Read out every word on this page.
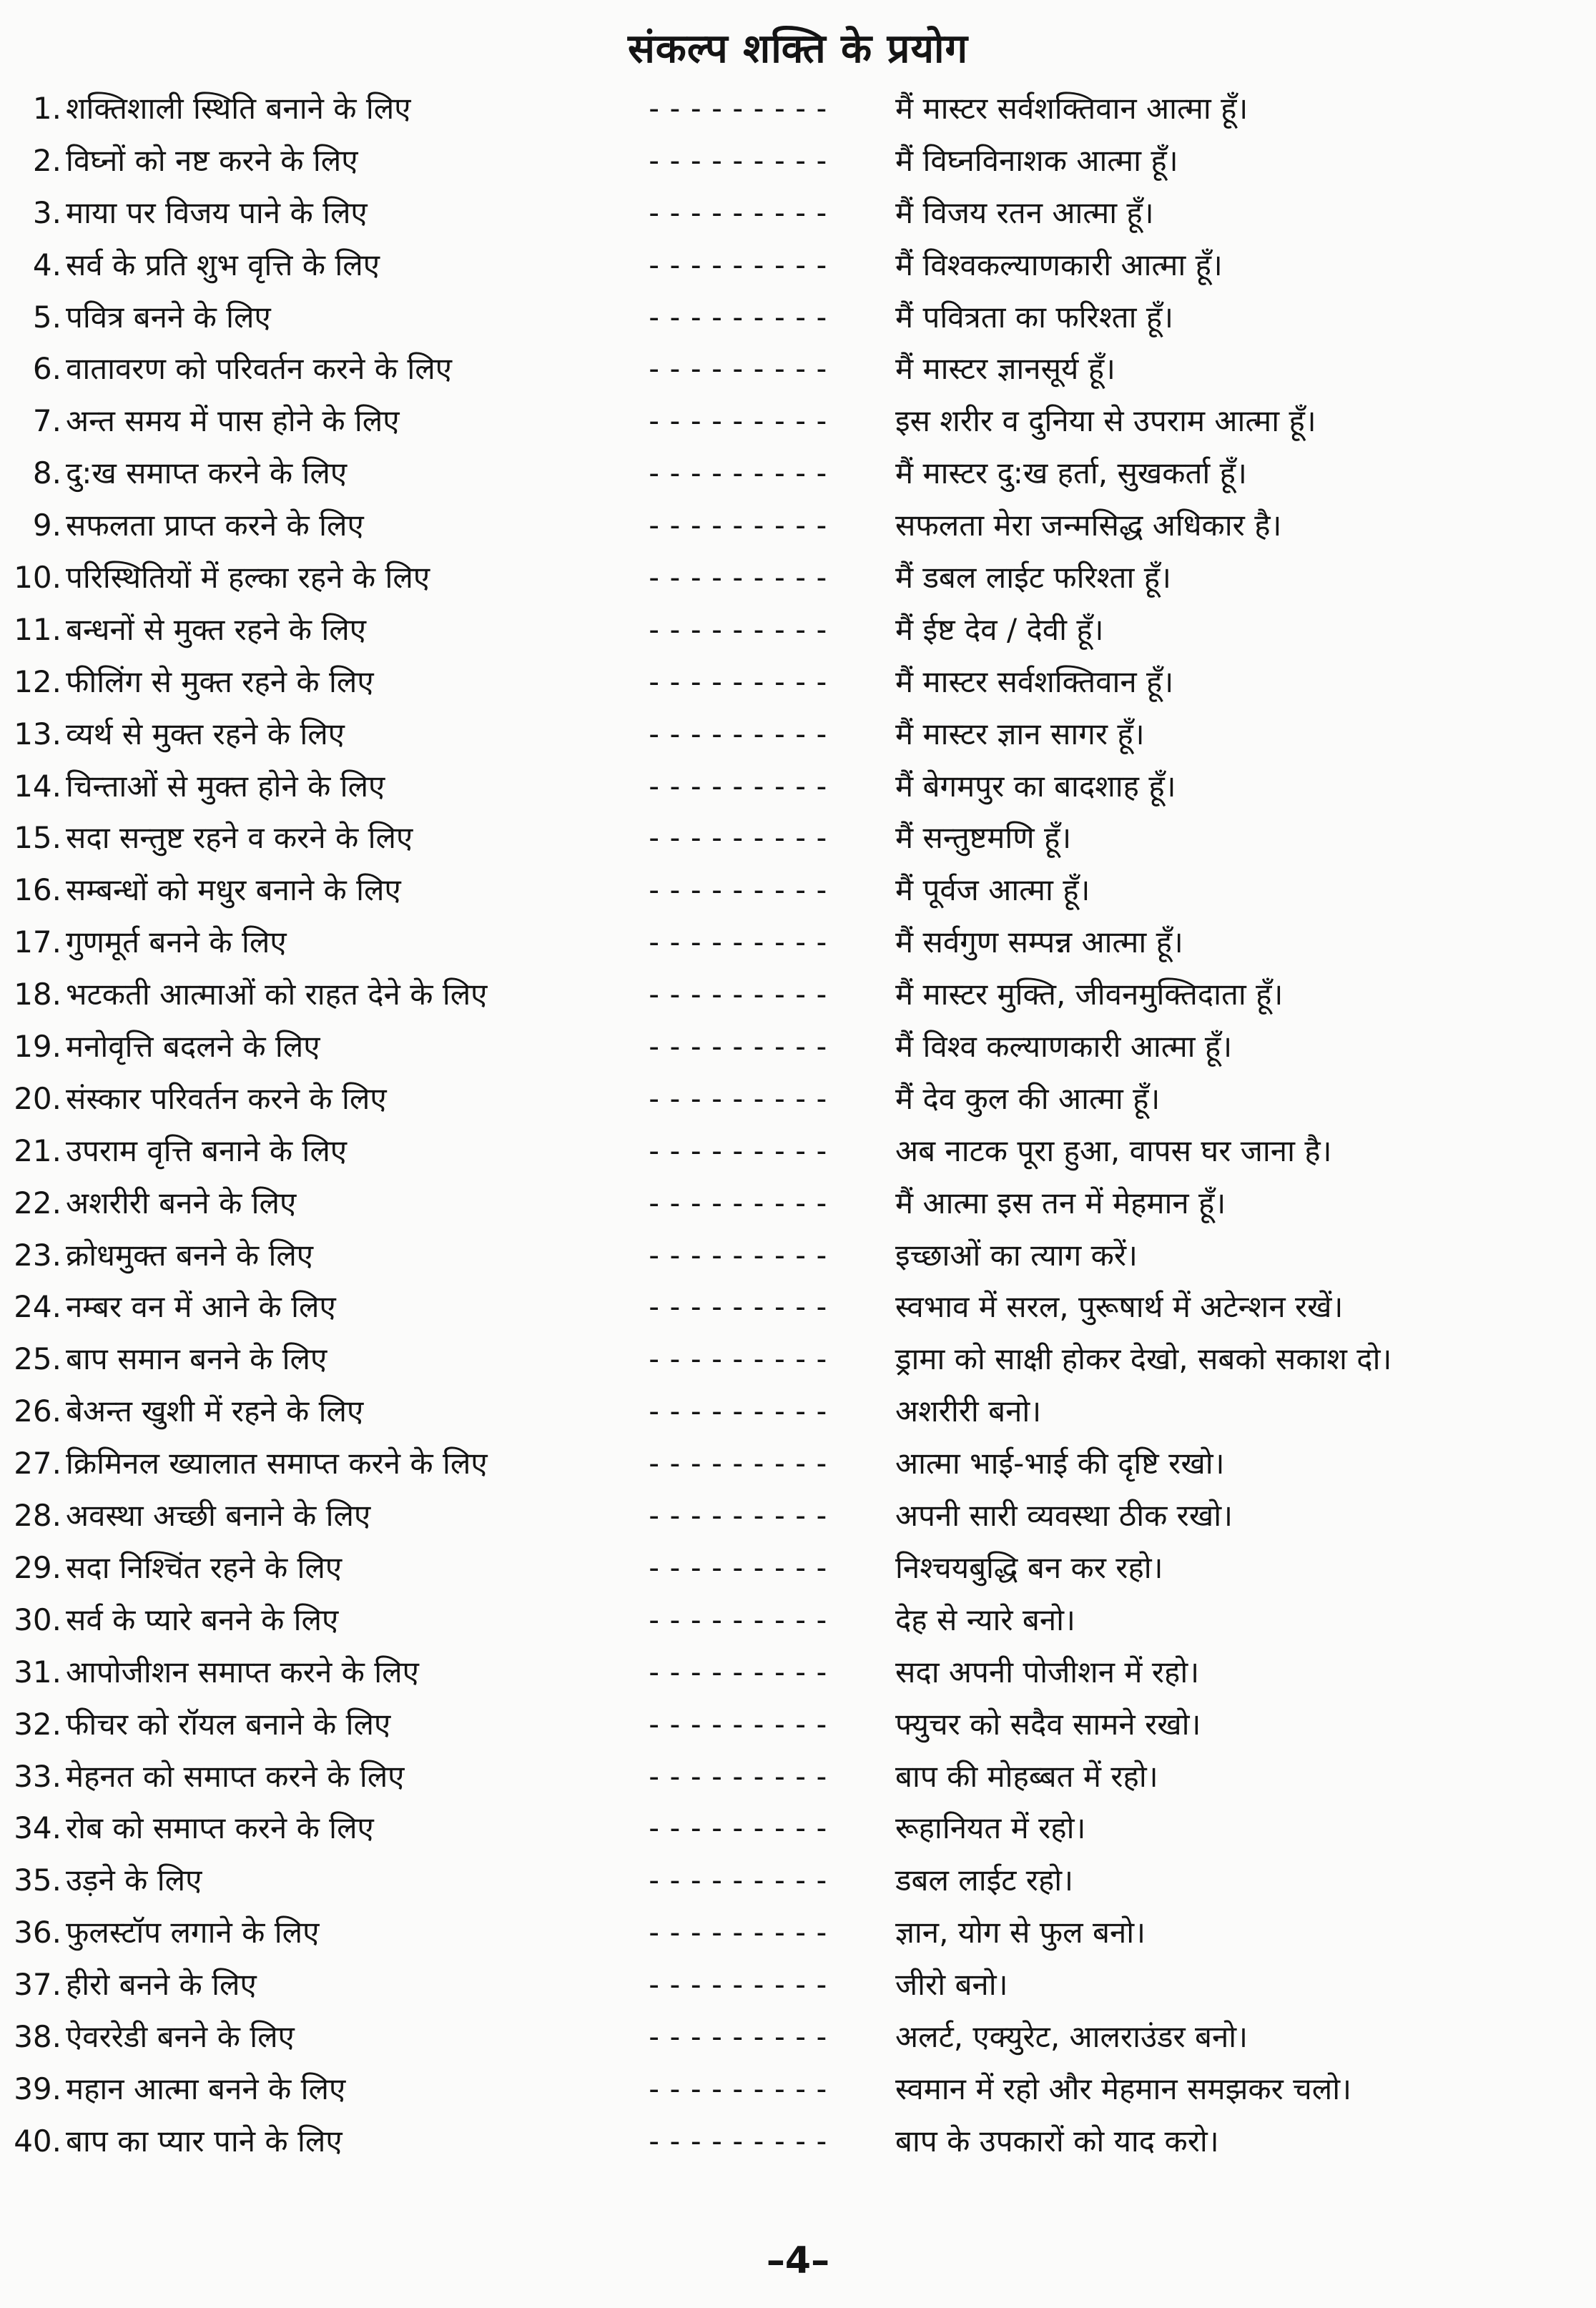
संकल्प शक्ति के प्रयोग
1. शक्तिशाली स्थिति बनाने के लिए	--------- मैं मास्टर सर्वशक्तिवान आत्मा हूँ।
2. विघ्नों को नष्ट करने के लिए	--------- मैं विघ्नविनाशक आत्मा हूँ।
3. माया पर विजय पाने के लिए	--------- मैं विजय रतन आत्मा हूँ।
4. सर्व के प्रति शुभ वृत्ति के लिए	--------- मैं विश्वकल्याणकारी आत्मा हूँ।
5. पवित्र बनने के लिए	--------- मैं पवित्रता का फरिश्ता हूँ।
6. वातावरण को परिवर्तन करने के लिए	--------- मैं मास्टर ज्ञानसूर्य हूँ।
7. अन्त समय में पास होने के लिए	--------- इस शरीर व दुनिया से उपराम आत्मा हूँ।
8. दु:ख समाप्त करने के लिए	--------- मैं मास्टर दु:ख हर्ता, सुखकर्ता हूँ।
9. सफलता प्राप्त करने के लिए	--------- सफलता मेरा जन्मसिद्ध अधिकार है।
10. परिस्थितियों में हल्का रहने के लिए	--------- मैं डबल लाईट फरिश्ता हूँ।
11. बन्धनों से मुक्त रहने के लिए	--------- मैं ईष्ट देव / देवी हूँ।
12. फीलिंग से मुक्त रहने के लिए	--------- मैं मास्टर सर्वशक्तिवान हूँ।
13. व्यर्थ से मुक्त रहने के लिए	--------- मैं मास्टर ज्ञान सागर हूँ।
14. चिन्ताओं से मुक्त होने के लिए	--------- मैं बेगमपुर का बादशाह हूँ।
15. सदा सन्तुष्ट रहने व करने के लिए	--------- मैं सन्तुष्टमणि हूँ।
16. सम्बन्धों को मधुर बनाने के लिए	--------- मैं पूर्वज आत्मा हूँ।
17. गुणमूर्त बनने के लिए	--------- मैं सर्वगुण सम्पन्न आत्मा हूँ।
18. भटकती आत्माओं को राहत देने के लिए	--------- मैं मास्टर मुक्ति, जीवनमुक्तिदाता हूँ।
19. मनोवृत्ति बदलने के लिए	--------- मैं विश्व कल्याणकारी आत्मा हूँ।
20. संस्कार परिवर्तन करने के लिए	--------- मैं देव कुल की आत्मा हूँ।
21. उपराम वृत्ति बनाने के लिए	--------- अब नाटक पूरा हुआ, वापस घर जाना है।
22. अशरीरी बनने के लिए	--------- मैं आत्मा इस तन में मेहमान हूँ।
23. क्रोधमुक्त बनने के लिए	--------- इच्छाओं का त्याग करें।
24. नम्बर वन में आने के लिए	--------- स्वभाव में सरल, पुरूषार्थ में अटेन्शन रखें।
25. बाप समान बनने के लिए	--------- ड्रामा को साक्षी होकर देखो, सबको सकाश दो।
26. बेअन्त खुशी में रहने के लिए	--------- अशरीरी बनो।
27. क्रिमिनल ख्यालात समाप्त करने के लिए	--------- आत्मा भाई-भाई की दृष्टि रखो।
28. अवस्था अच्छी बनाने के लिए	--------- अपनी सारी व्यवस्था ठीक रखो।
29. सदा निश्चिंत रहने के लिए	--------- निश्चयबुद्धि बन कर रहो।
30. सर्व के प्यारे बनने के लिए	--------- देह से न्यारे बनो।
31. आपोजीशन समाप्त करने के लिए	--------- सदा अपनी पोजीशन में रहो।
32. फीचर को रॉयल बनाने के लिए	--------- फ्युचर को सदैव सामने रखो।
33. मेहनत को समाप्त करने के लिए	--------- बाप की मोहब्बत में रहो।
34. रोब को समाप्त करने के लिए	--------- रूहानियत में रहो।
35. उड़ने के लिए	--------- डबल लाईट रहो।
36. फुलस्टॉप लगाने के लिए	--------- ज्ञान, योग से फुल बनो।
37. हीरो बनने के लिए	--------- जीरो बनो।
38. ऐवररेडी बनने के लिए	--------- अलर्ट, एक्युरेट, आलराउंडर बनो।
39. महान आत्मा बनने के लिए	--------- स्वमान में रहो और मेहमान समझकर चलो।
40. बाप का प्यार पाने के लिए	--------- बाप के उपकारों को याद करो।
–4–
